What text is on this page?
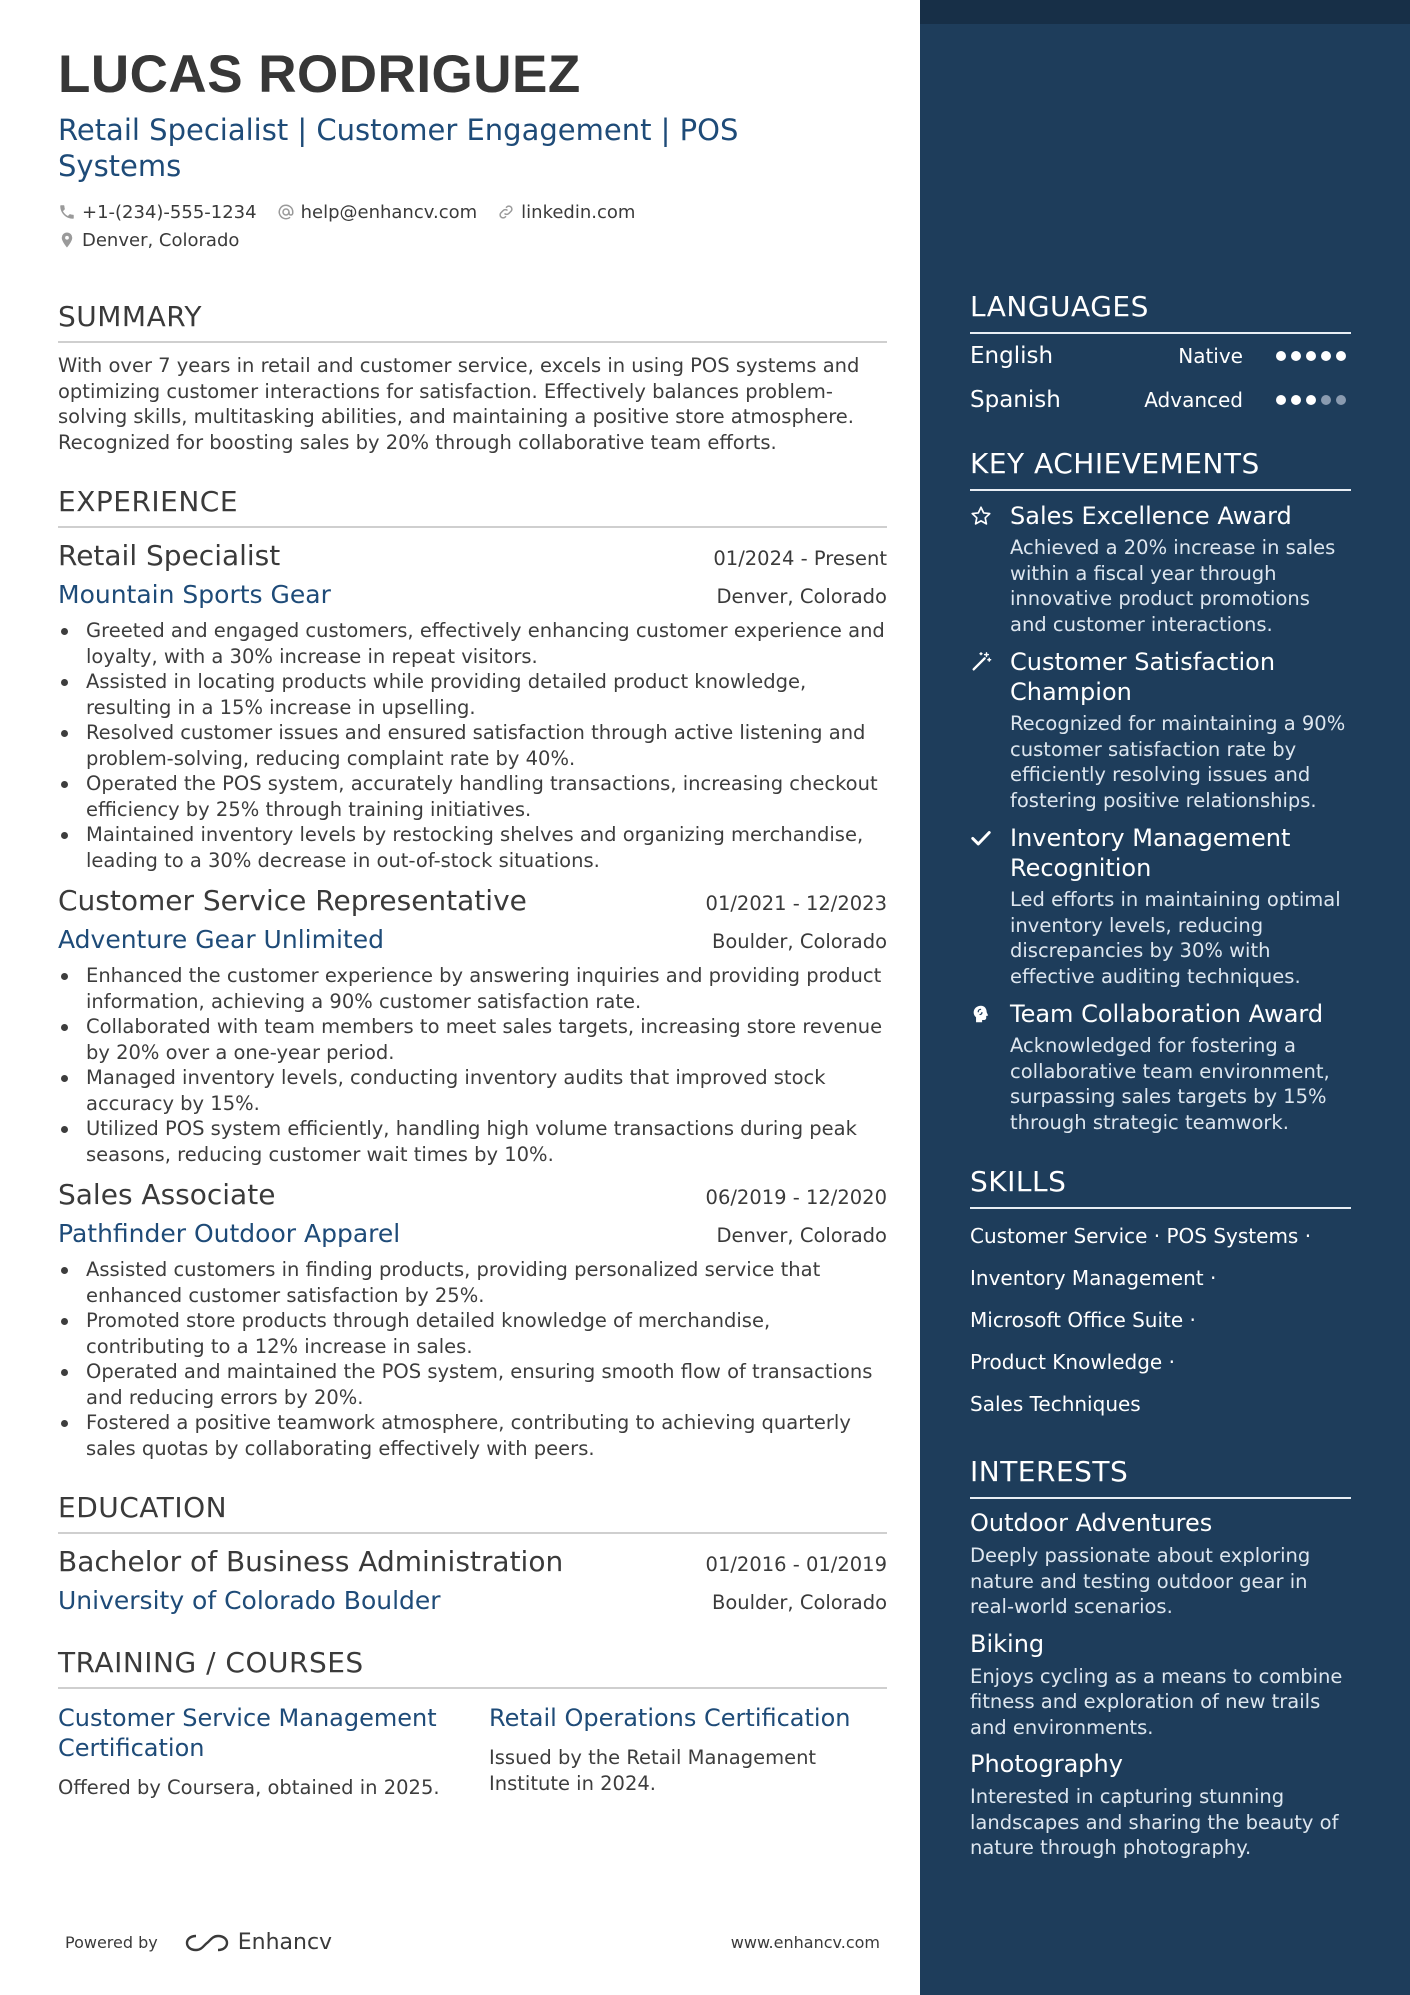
LUCAS RODRIGUEZ
Retail Specialist | Customer Engagement | POS Systems
+1-(234)-555-1234 help@enhancv.com linkedin.com
Denver, Colorado
SUMMARY
With over 7 years in retail and customer service, excels in using POS systems and optimizing customer interactions for satisfaction. Effectively balances problem-solving skills, multitasking abilities, and maintaining a positive store atmosphere. Recognized for boosting sales by 20% through collaborative team efforts.
EXPERIENCE
Retail Specialist	01/2024 - Present
Mountain Sports Gear	Denver, Colorado
Greeted and engaged customers, effectively enhancing customer experience and loyalty, with a 30% increase in repeat visitors.
Assisted in locating products while providing detailed product knowledge, resulting in a 15% increase in upselling.
Resolved customer issues and ensured satisfaction through active listening and problem-solving, reducing complaint rate by 40%.
Operated the POS system, accurately handling transactions, increasing checkout efficiency by 25% through training initiatives.
Maintained inventory levels by restocking shelves and organizing merchandise, leading to a 30% decrease in out-of-stock situations.
Customer Service Representative	01/2021 - 12/2023
Adventure Gear Unlimited	Boulder, Colorado
Enhanced the customer experience by answering inquiries and providing product information, achieving a 90% customer satisfaction rate.
Collaborated with team members to meet sales targets, increasing store revenue by 20% over a one-year period.
Managed inventory levels, conducting inventory audits that improved stock accuracy by 15%.
Utilized POS system efficiently, handling high volume transactions during peak seasons, reducing customer wait times by 10%.
Sales Associate	06/2019 - 12/2020
Pathfinder Outdoor Apparel	Denver, Colorado
Assisted customers in finding products, providing personalized service that enhanced customer satisfaction by 25%.
Promoted store products through detailed knowledge of merchandise, contributing to a 12% increase in sales.
Operated and maintained the POS system, ensuring smooth flow of transactions and reducing errors by 20%.
Fostered a positive teamwork atmosphere, contributing to achieving quarterly sales quotas by collaborating effectively with peers.
EDUCATION
Bachelor of Business Administration	01/2016 - 01/2019
University of Colorado Boulder	Boulder, Colorado
TRAINING / COURSES
Customer Service Management Certification
Offered by Coursera, obtained in 2025.
Retail Operations Certification
Issued by the Retail Management Institute in 2024.
Powered by	Enhancv	www.enhancv.com
LANGUAGES
English	Native
Spanish	Advanced
KEY ACHIEVEMENTS
Sales Excellence Award
Achieved a 20% increase in sales within a fiscal year through innovative product promotions and customer interactions.
Customer Satisfaction Champion
Recognized for maintaining a 90% customer satisfaction rate by efficiently resolving issues and fostering positive relationships.
Inventory Management Recognition
Led efforts in maintaining optimal inventory levels, reducing discrepancies by 30% with effective auditing techniques.
Team Collaboration Award
Acknowledged for fostering a collaborative team environment, surpassing sales targets by 15% through strategic teamwork.
SKILLS
Customer Service · POS Systems ·
Inventory Management ·
Microsoft Office Suite ·
Product Knowledge ·
Sales Techniques
INTERESTS
Outdoor Adventures
Deeply passionate about exploring nature and testing outdoor gear in real-world scenarios.
Biking
Enjoys cycling as a means to combine fitness and exploration of new trails and environments.
Photography
Interested in capturing stunning landscapes and sharing the beauty of nature through photography.
